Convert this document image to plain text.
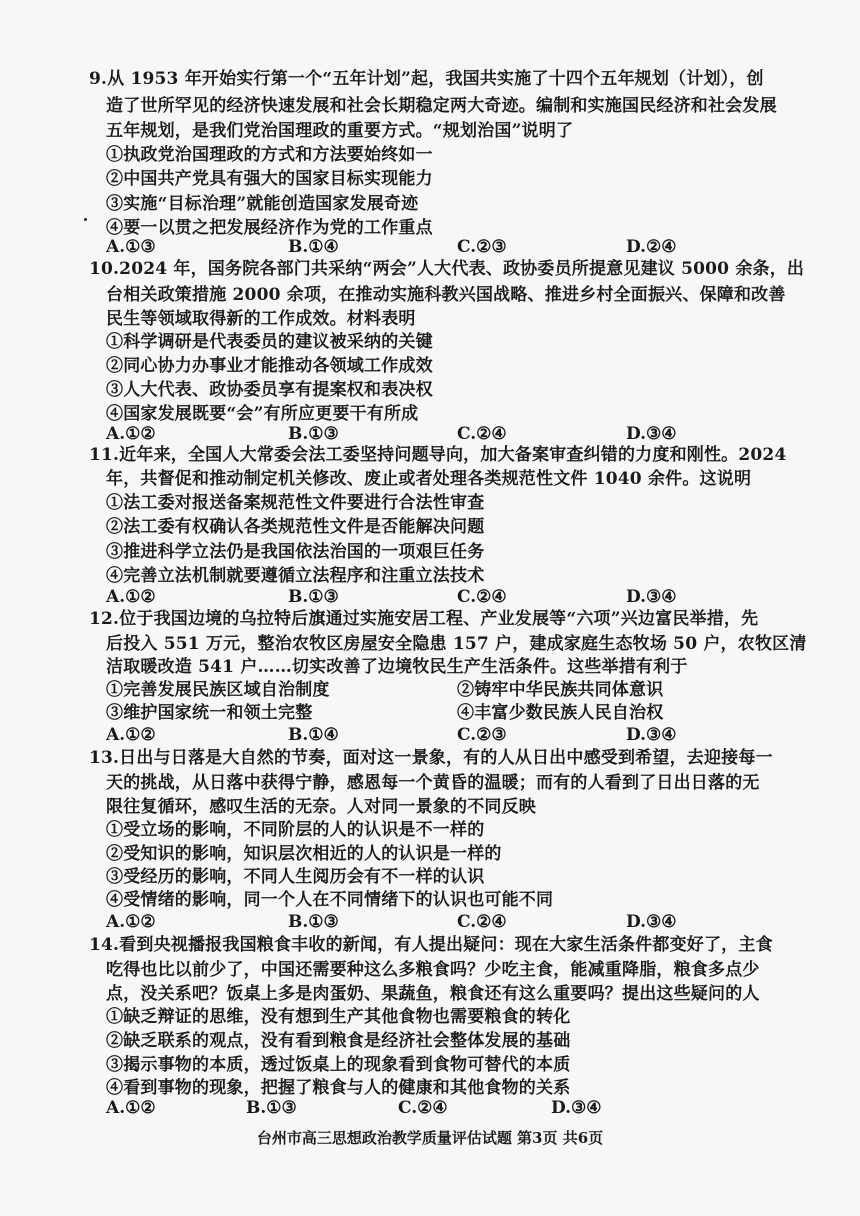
9.从 1953 年开始实行第一个“五年计划”起，我国共实施了十四个五年规划（计划），创
造了世所罕见的经济快速发展和社会长期稳定两大奇迹。编制和实施国民经济和社会发展
五年规划，是我们党治国理政的重要方式。“规划治国”说明了
①执政党治国理政的方式和方法要始终如一
②中国共产党具有强大的国家目标实现能力
③实施“目标治理”就能创造国家发展奇迹
④要一以贯之把发展经济作为党的工作重点
A.①③	B.①④	C.②③	D.②④
10.2024 年，国务院各部门共采纳“两会”人大代表、政协委员所提意见建议 5000 余条，出
台相关政策措施 2000 余项，在推动实施科教兴国战略、推进乡村全面振兴、保障和改善
民生等领域取得新的工作成效。材料表明
①科学调研是代表委员的建议被采纳的关键
②同心协力办事业才能推动各领域工作成效
③人大代表、政协委员享有提案权和表决权
④国家发展既要“会”有所应更要干有所成
A.①②	B.①③	C.②④	D.③④
11.近年来，全国人大常委会法工委坚持问题导向，加大备案审查纠错的力度和刚性。2024
年，共督促和推动制定机关修改、废止或者处理各类规范性文件 1040 余件。这说明
①法工委对报送备案规范性文件要进行合法性审查
②法工委有权确认各类规范性文件是否能解决问题
③推进科学立法仍是我国依法治国的一项艰巨任务
④完善立法机制就要遵循立法程序和注重立法技术
A.①②	B.①③	C.②④	D.③④
12.位于我国边境的乌拉特后旗通过实施安居工程、产业发展等“六项”兴边富民举措，先
后投入 551 万元，整治农牧区房屋安全隐患 157 户，建成家庭生态牧场 50 户，农牧区清
洁取暖改造 541 户……切实改善了边境牧民生产生活条件。这些举措有利于
①完善发展民族区域自治制度	②铸牢中华民族共同体意识
③维护国家统一和领土完整	④丰富少数民族人民自治权
A.①②	B.①④	C.②③	D.③④
13.日出与日落是大自然的节奏，面对这一景象，有的人从日出中感受到希望，去迎接每一
天的挑战，从日落中获得宁静，感恩每一个黄昏的温暖；而有的人看到了日出日落的无
限往复循环，感叹生活的无奈。人对同一景象的不同反映
①受立场的影响，不同阶层的人的认识是不一样的
②受知识的影响，知识层次相近的人的认识是一样的
③受经历的影响，不同人生阅历会有不一样的认识
④受情绪的影响，同一个人在不同情绪下的认识也可能不同
A.①②	B.①③	C.②④	D.③④
14.看到央视播报我国粮食丰收的新闻，有人提出疑问：现在大家生活条件都变好了，主食
吃得也比以前少了，中国还需要种这么多粮食吗？少吃主食，能减重降脂，粮食多点少
点，没关系吧？饭桌上多是肉蛋奶、果蔬鱼，粮食还有这么重要吗？提出这些疑问的人
①缺乏辩证的思维，没有想到生产其他食物也需要粮食的转化
②缺乏联系的观点，没有看到粮食是经济社会整体发展的基础
③揭示事物的本质，透过饭桌上的现象看到食物可替代的本质
④看到事物的现象，把握了粮食与人的健康和其他食物的关系
A.①②	B.①③	C.②④	D.③④
台州市高三思想政治教学质量评估试题 第3页 共6页
